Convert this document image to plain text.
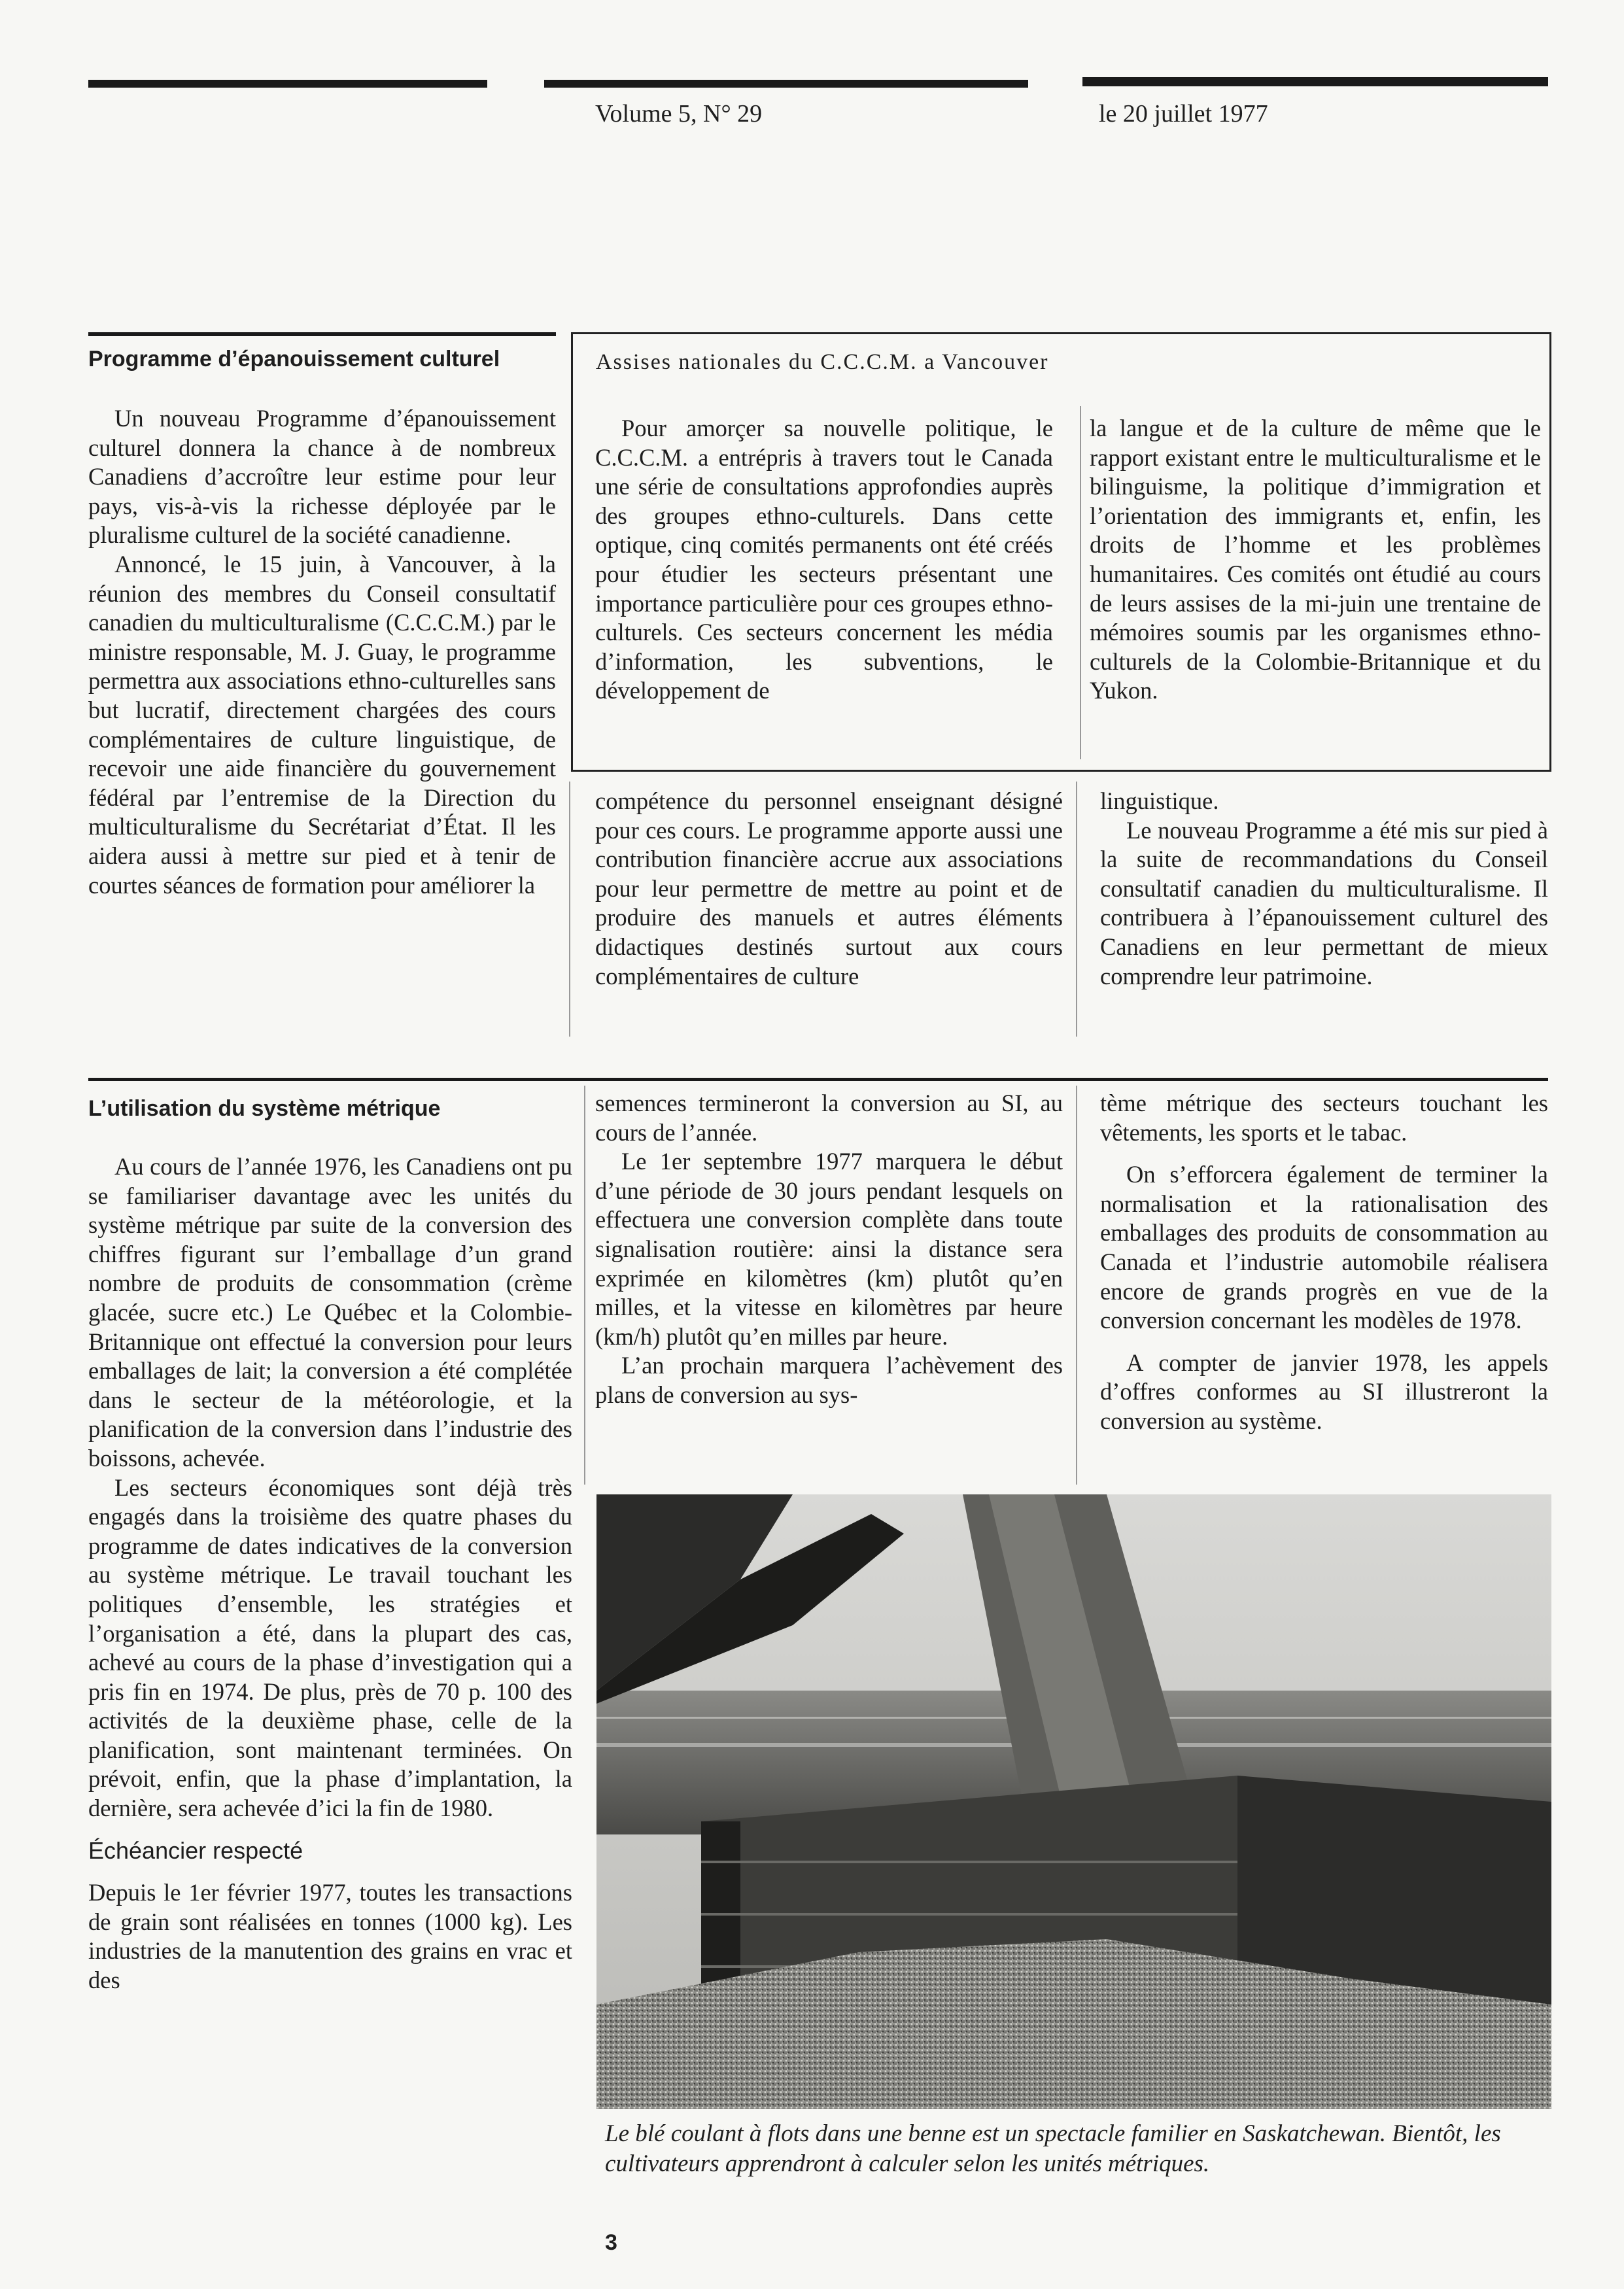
Volume 5, N° 29	le 20 juillet 1977
Programme d’épanouissement culturel

Un nouveau Programme d’épanouissement culturel donnera la chance à de nombreux Canadiens d’accroître leur estime pour leur pays, vis-à-vis la richesse déployée par le pluralisme culturel de la société canadienne.

Annoncé, le 15 juin, à Vancouver, à la réunion des membres du Conseil consultatif canadien du multiculturalisme (C.C.C.M.) par le ministre responsable, M. J. Guay, le programme permettra aux associations ethno-culturelles sans but lucratif, directement chargées des cours complémentaires de culture linguistique, de recevoir une aide financière du gouvernement fédéral par l’entremise de la Direction du multiculturalisme du Secrétariat d’État. Il les aidera aussi à mettre sur pied et à tenir de courtes séances de formation pour améliorer la

Assises nationales du C.C.C.M. a Vancouver
Pour amorçer sa nouvelle politique, le C.C.C.M. a entrépris à travers tout le Canada une série de consultations approfondies auprès des groupes ethno-culturels. Dans cette optique, cinq comités permanents ont été créés pour étudier les secteurs présentant une importance particulière pour ces groupes ethno-culturels. Ces secteurs concernent les média d’information, les subventions, le développement de
la langue et de la culture de même que le rapport existant entre le multiculturalisme et le bilinguisme, la politique d’immigration et l’orientation des immigrants et, enfin, les droits de l’homme et les problèmes humanitaires. Ces comités ont étudié au cours de leurs assises de la mi-juin une trentaine de mémoires soumis par les organismes ethno-culturels de la Colombie-Britannique et du Yukon.
compétence du personnel enseignant désigné pour ces cours. Le programme apporte aussi une contribution financière accrue aux associations pour leur permettre de mettre au point et de produire des manuels et autres éléments didactiques destinés surtout aux cours complémentaires de culture

linguistique.

Le nouveau Programme a été mis sur pied à la suite de recommandations du Conseil consultatif canadien du multiculturalisme. Il contribuera à l’épanouissement culturel des Canadiens en leur permettant de mieux comprendre leur patrimoine.

L’utilisation du système métrique

Au cours de l’année 1976, les Canadiens ont pu se familiariser davantage avec les unités du système métrique par suite de la conversion des chiffres figurant sur l’emballage d’un grand nombre de produits de consommation (crème glacée, sucre etc.) Le Québec et la Colombie-Britannique ont effectué la conversion pour leurs emballages de lait; la conversion a été complétée dans le secteur de la météorologie, et la planification de la conversion dans l’industrie des boissons, achevée.

Les secteurs économiques sont déjà très engagés dans la troisième des quatre phases du programme de dates indicatives de la conversion au système métrique. Le travail touchant les politiques d’ensemble, les stratégies et l’organisation a été, dans la plupart des cas, achevé au cours de la phase d’investigation qui a pris fin en 1974. De plus, près de 70 p. 100 des activités de la deuxième phase, celle de la planification, sont maintenant terminées. On prévoit, enfin, que la phase d’implantation, la dernière, sera achevée d’ici la fin de 1980.

Échéancier respecté

Depuis le 1er février 1977, toutes les transactions de grain sont réalisées en tonnes (1000 kg). Les industries de la manutention des grains en vrac et des

semences termineront la conversion au SI, au cours de l’année.

Le 1er septembre 1977 marquera le début d’une période de 30 jours pendant lesquels on effectuera une conversion complète dans toute signalisation routière: ainsi la distance sera exprimée en kilomètres (km) plutôt qu’en milles, et la vitesse en kilomètres par heure (km/h) plutôt qu’en milles par heure.

L’an prochain marquera l’achèvement des plans de conversion au sys-

tème métrique des secteurs touchant les vêtements, les sports et le tabac.

On s’efforcera également de terminer la normalisation et la rationalisation des emballages des produits de consommation au Canada et l’industrie automobile réalisera encore de grands progrès en vue de la conversion concernant les modèles de 1978.

A compter de janvier 1978, les appels d’offres conformes au SI illustreront la conversion au système.

Le blé coulant à flots dans une benne est un spectacle familier en Saskatchewan. Bientôt, les cultivateurs apprendront à calculer selon les unités métriques.
3
